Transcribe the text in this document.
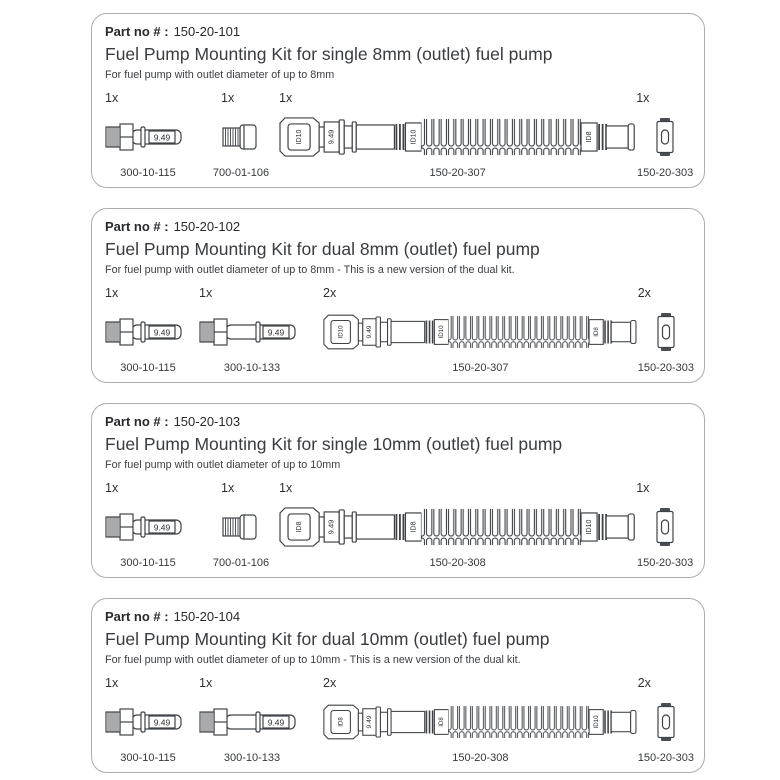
Part no # : 150-20-101
Fuel Pump Mounting Kit for single 8mm (outlet) fuel pump

For fuel pump with outlet diameter of up to 8mm

1x
9.49
300-10-115
1x
700-01-106
1x
ID10	9.49	ID10	ID8
150-20-307
1x
150-20-303
Part no # : 150-20-102
Fuel Pump Mounting Kit for dual 8mm (outlet) fuel pump

For fuel pump with outlet diameter of up to 8mm - This is a new version of the dual kit.

1x
9.49
300-10-115
1x
9.49
300-10-133
2x
ID10	9.49	ID10	ID8
150-20-307
2x
150-20-303
Part no # : 150-20-103
Fuel Pump Mounting Kit for single 10mm (outlet) fuel pump

For fuel pump with outlet diameter of up to 10mm

1x
9.49
300-10-115
1x
700-01-106
1x
ID8	9.49	ID8	ID10
150-20-308
1x
150-20-303
Part no # : 150-20-104
Fuel Pump Mounting Kit for dual 10mm (outlet) fuel pump

For fuel pump with outlet diameter of up to 10mm - This is a new version of the dual kit.

1x
9.49
300-10-115
1x
9.49
300-10-133
2x
ID8	9.49	ID8	ID10
150-20-308
2x
150-20-303
